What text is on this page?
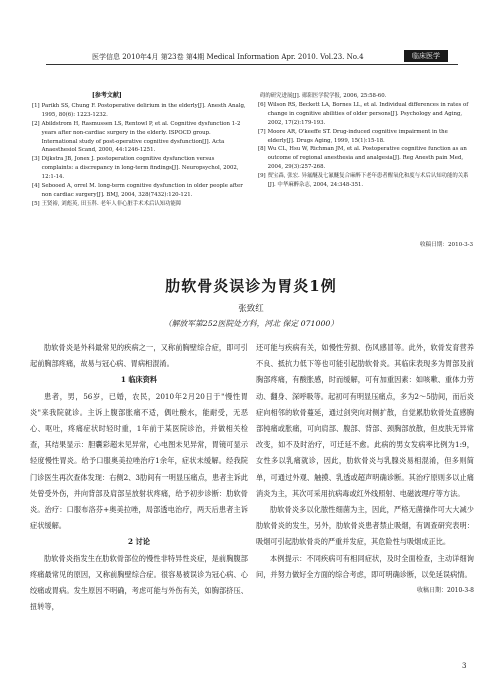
医学信息 2010年4月 第23卷 第4期 Medical Information Apr. 2010. Vol.23. No.4	临床医学
[参考文献]
[1] Parikh SS, Chung F. Postoperative delirium in the elderly[J]. Anesth Analg, 1995, 80(6): 1223-1232.
[2] Abildstrom H, Rasmussen LS, Rentowl P, et al. Cognitive dysfunction 1-2 years after non-cardiac surgery in the elderly. ISPOCD group. International study of post-operative cognitive dysfunction[J]. Acta Anaesthesiol Scand, 2000, 44:1246-1251.
[3] Dijkstra JB, Jonex J. postoperation cognitive dysfunction versus complaints: a discrepancy in long-term findings[J]. Neuropsychol, 2002, 12:1-14.
[4] Sebooed A, orrel M. long-term cognitive dysfunction in older people after non cardiac surgery[J]. BMJ, 2004, 328(7432):120-121.
[5] 王贤裕, 刘彪英, 田玉科. 老年人非心脏手术术后认知功能障
碍的研究进展[J]. 郧阳医学院学报, 2006, 25:58-60.
[6] Wilson RS, Beckett LA, Bornes LL, et al. Individual differences in rates of change in cognitive abilities of older persons[J]. Psychology and Aging, 2002, 17(2):179-193.
[7] Moore AR, O'keeffe ST. Drug-induced cognitive impairment in the elderly[J]. Drugs Aging, 1999, 15(1):15-18.
[8] Wu CL, Hsu W, Richman JM, et al. Postoperative cognitive function as an outcome of regional anesthesia and analgesia[J]. Reg Anesth pain Med, 2004, 29(3):257-268.
[9] 贾宝森, 张宏. 异氟醚及七氟醚复合麻醉下老年患者醒氧化和度与术后认知功能的关系[J]. 中华麻醉杂志, 2004, 24:348-351.
收稿日期：2010-3-3
肋软骨炎误诊为胃炎1例
张致红
（解放军第252医院处方科，河北 保定 071000）

肋软骨炎是外科最常见的疾病之一，又称前胸壁综合症，即可引起前胸部疼痛，故易与冠心病、胃病相混淆。

1 临床资料

患者，男，56岁，已婚，农民，2010年2月20日于"慢性胃炎"来我院就诊。主诉上腹部胀痛不适，偶吐酸水，能耐受，无恶心、呕吐，疼痛症状时轻时重，1年前于某医院诊治，并做相关检查，其结果显示：胆囊彩超未见异常，心电图未见异常，胃镜可显示轻度慢性胃炎。给予口服奥美拉唑治疗1余年，症状未缓解。经我院门诊医生再次查体发现：右侧2、3肋间有一明显压痛点，患者主诉此处曾受外伤，并向背部及肩部呈放射状疼痛，给予初步诊断：肋软骨炎。治疗：口服布洛芬+奥美拉唑，局部透电治疗，两天后患者主诉症状缓解。

2 讨论

肋软骨炎指发生在肋软骨部位的慢性非特异性炎症，是前胸腹部疼痛最常见的原因，又称前胸壁综合症。很容易被误诊为冠心病、心绞痛或胃病。发生原因不明确，考虑可能与外伤有关，如胸部挤压、扭转等，

还可能与疾病有关，如慢性劳损、伤风感冒等。此外，软骨发育营养不良、抵抗力低下等也可能引起肋软骨炎。其临床表现多为胃部及前胸部疼痛，有酸胀感，时而缓解，可有加重因素：如咳嗽、重体力劳动、翻身、深呼吸等。起初可有明显压痛点，多为2～5肋间，而后炎症向相邻的软骨蔓延，通过剑突向对侧扩散，自觉累肋软骨处直感胸部钝痛或胀痛，可向肩部、腹部、背部、颈胸部放散，但皮肤无异常改变，如不及时治疗，可迁延不愈。此病的男女发病率比例为1:9，女性多以乳痛就诊，因此，肋软骨炎与乳腺炎易相混淆，但多则简单，可通过外观、触摸、乳透或超声明确诊断。其治疗原则多以止痛消炎为主，其次可采用抗病毒或红外线照射、电磁波理疗等方法。

肋软骨炎多以化脓性细菌为主，因此，严格无菌操作可大大减少肋软骨炎的发生，另外，肋软骨炎患者禁止吸烟，有调查研究表明：吸烟可引起肋软骨炎的严重并发症，其危险性与吸烟成正比。

本例提示：不同疾病可有相同症状，及时全面检查，主动详细询问，并努力做好全方面的综合考虑，即可明确诊断，以免延误病情。

收稿日期：2010-3-8

3
